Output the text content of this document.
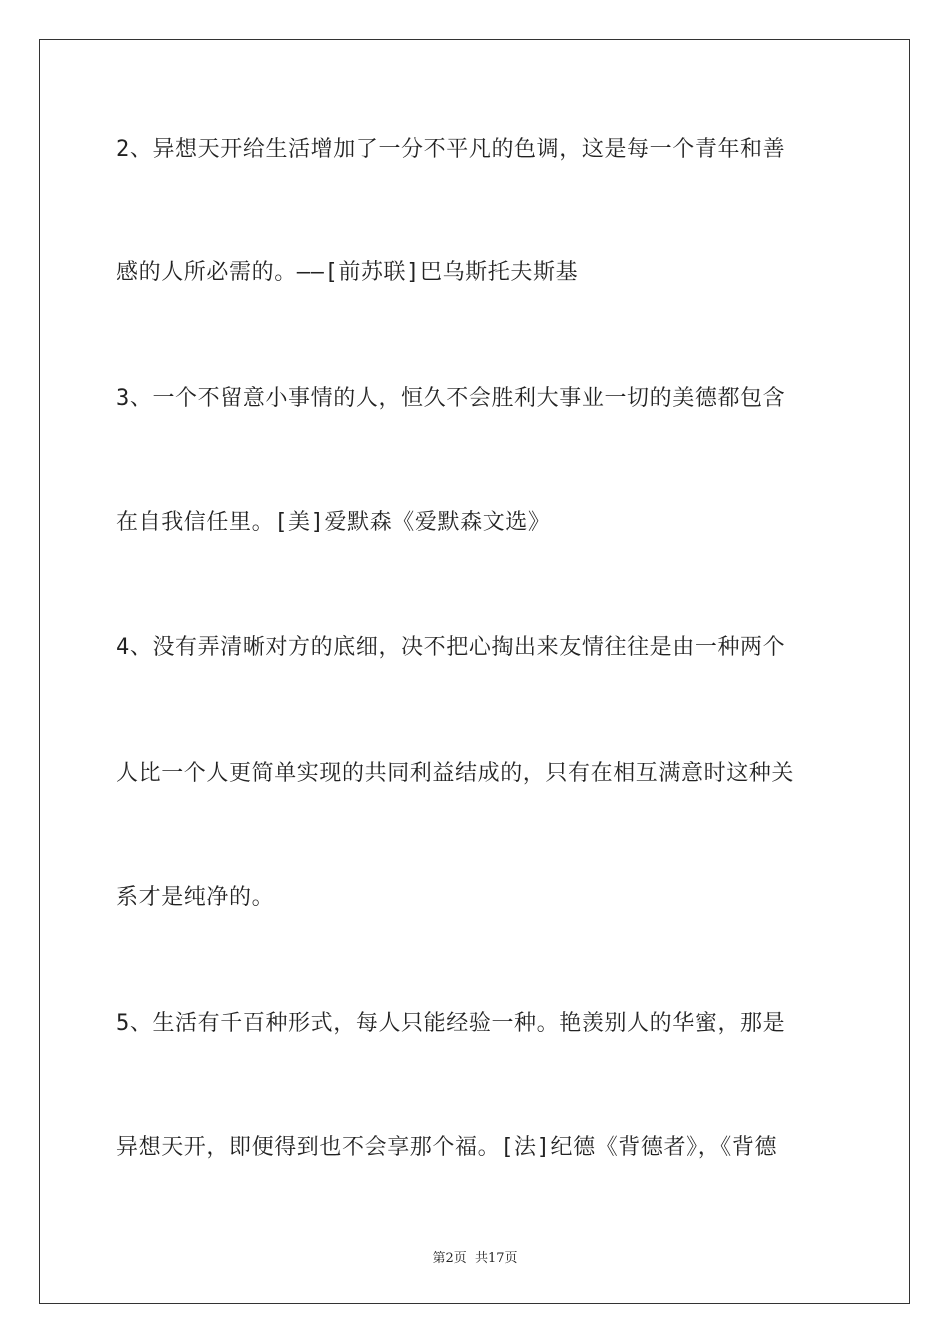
2、异想天开给生活增加了一分不平凡的色调，这是每一个青年和善
感的人所必需的。——[前苏联]巴乌斯托夫斯基
3、一个不留意小事情的人，恒久不会胜利大事业一切的美德都包含
在自我信任里。[美]爱默森《爱默森文选》
4、没有弄清晰对方的底细，决不把心掏出来友情往往是由一种两个
人比一个人更简单实现的共同利益结成的，只有在相互满意时这种关
系才是纯净的。
5、生活有千百种形式，每人只能经验一种。艳羡别人的华蜜，那是
异想天开，即便得到也不会享那个福。[法]纪德《背德者》，《背德
第2页 共17页
